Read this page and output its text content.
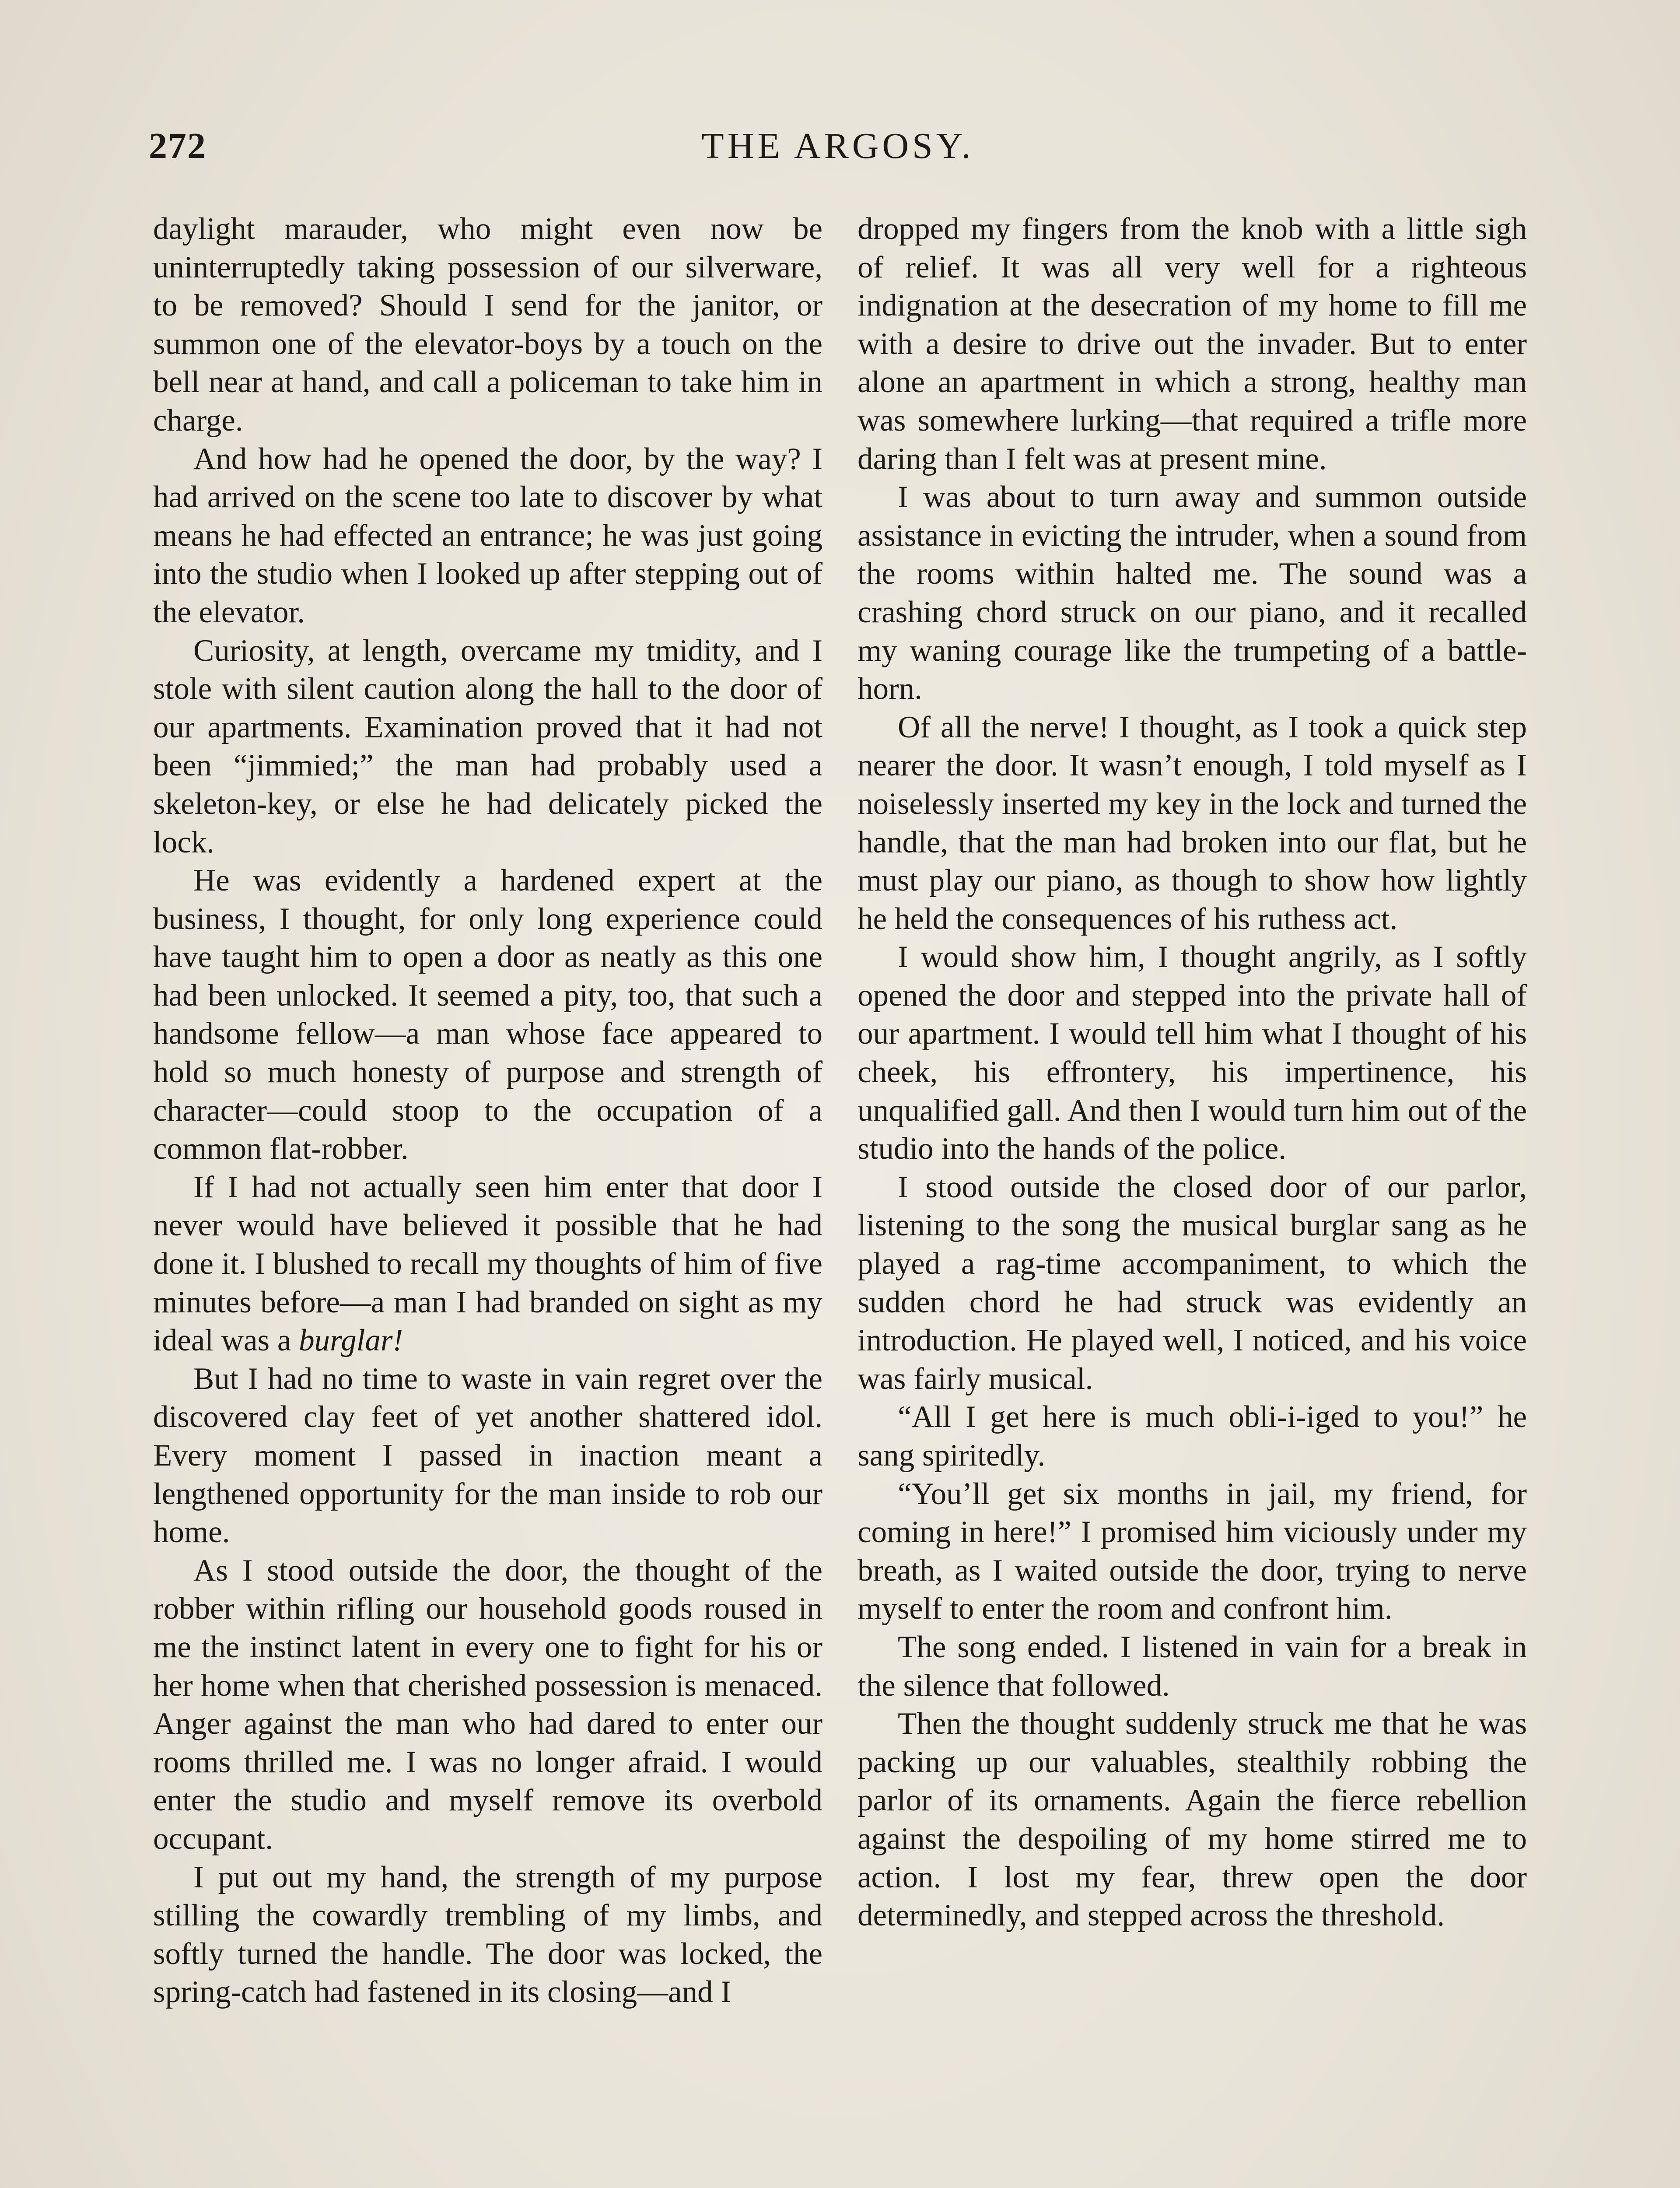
272	THE ARGOSY.

daylight marauder, who might even now be uninterruptedly taking possession of our silverware, to be removed? Should I send for the janitor, or summon one of the elevator-boys by a touch on the bell near at hand, and call a policeman to take him in charge.

And how had he opened the door, by the way? I had arrived on the scene too late to discover by what means he had effected an entrance; he was just going into the studio when I looked up after stepping out of the elevator.

Curiosity, at length, overcame my tmidity, and I stole with silent caution along the hall to the door of our apartments. Examination proved that it had not been “jimmied;” the man had probably used a skeleton-key, or else he had delicately picked the lock.

He was evidently a hardened expert at the business, I thought, for only long experience could have taught him to open a door as neatly as this one had been unlocked. It seemed a pity, too, that such a handsome fellow—a man whose face appeared to hold so much honesty of purpose and strength of character—could stoop to the occupation of a common flat-robber.

If I had not actually seen him enter that door I never would have believed it possible that he had done it. I blushed to recall my thoughts of him of five minutes before—a man I had branded on sight as my ideal was a burglar!

But I had no time to waste in vain regret over the discovered clay feet of yet another shattered idol. Every moment I passed in inaction meant a lengthened opportunity for the man inside to rob our home.

As I stood outside the door, the thought of the robber within rifling our household goods roused in me the instinct latent in every one to fight for his or her home when that cherished possession is menaced. Anger against the man who had dared to enter our rooms thrilled me. I was no longer afraid. I would enter the studio and myself remove its overbold occupant.

I put out my hand, the strength of my purpose stilling the cowardly trembling of my limbs, and softly turned the handle. The door was locked, the spring-catch had fastened in its closing—and I

dropped my fingers from the knob with a little sigh of relief. It was all very well for a righteous indignation at the desecration of my home to fill me with a desire to drive out the invader. But to enter alone an apartment in which a strong, healthy man was somewhere lurking—that required a trifle more daring than I felt was at present mine.

I was about to turn away and summon outside assistance in evicting the intruder, when a sound from the rooms within halted me. The sound was a crashing chord struck on our piano, and it recalled my waning courage like the trumpeting of a battle-horn.

Of all the nerve! I thought, as I took a quick step nearer the door. It wasn’t enough, I told myself as I noiselessly inserted my key in the lock and turned the handle, that the man had broken into our flat, but he must play our piano, as though to show how lightly he held the consequences of his ruthess act.

I would show him, I thought angrily, as I softly opened the door and stepped into the private hall of our apartment. I would tell him what I thought of his cheek, his effrontery, his impertinence, his unqualified gall. And then I would turn him out of the studio into the hands of the police.

I stood outside the closed door of our parlor, listening to the song the musical burglar sang as he played a rag-time accompaniment, to which the sudden chord he had struck was evidently an introduction. He played well, I noticed, and his voice was fairly musical.

“All I get here is much obli-i-iged to you!” he sang spiritedly.

“You’ll get six months in jail, my friend, for coming in here!” I promised him viciously under my breath, as I waited outside the door, trying to nerve myself to enter the room and confront him.

The song ended. I listened in vain for a break in the silence that followed.

Then the thought suddenly struck me that he was packing up our valuables, stealthily robbing the parlor of its ornaments. Again the fierce rebellion against the despoiling of my home stirred me to action. I lost my fear, threw open the door determinedly, and stepped across the threshold.
